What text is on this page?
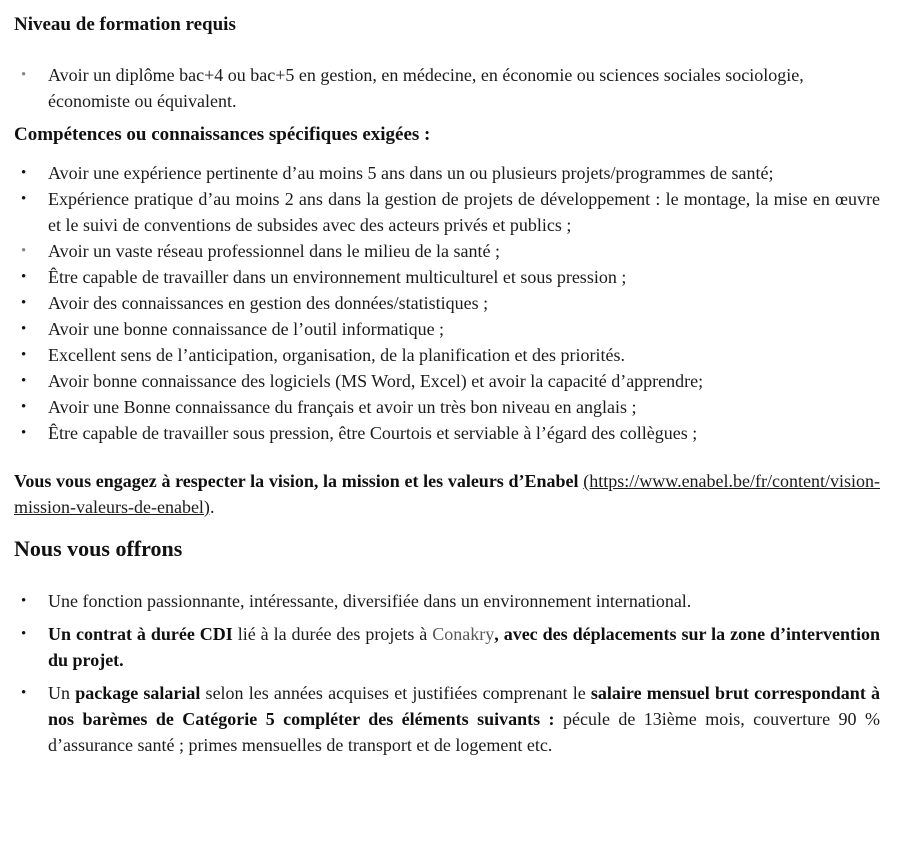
Niveau de formation requis
• Avoir un diplôme bac+4 ou bac+5 en gestion, en médecine, en économie ou sciences sociales sociologie, économiste ou équivalent.
Compétences ou connaissances spécifiques exigées :
• Avoir une expérience pertinente d’au moins 5 ans dans un ou plusieurs projets/programmes de santé;
• Expérience pratique d’au moins 2 ans dans la gestion de projets de développement : le montage, la mise en œuvre et le suivi de conventions de subsides avec des acteurs privés et publics ;
• Avoir un vaste réseau professionnel dans le milieu de la santé ;
• Être capable de travailler dans un environnement multiculturel et sous pression ;
• Avoir des connaissances en gestion des données/statistiques ;
• Avoir une bonne connaissance de l’outil informatique ;
• Excellent sens de l’anticipation, organisation, de la planification et des priorités.
• Avoir bonne connaissance des logiciels (MS Word, Excel) et avoir la capacité d’apprendre;
• Avoir une Bonne connaissance du français et avoir un très bon niveau en anglais ;
• Être capable de travailler sous pression, être Courtois et serviable à l’égard des collègues ;

Vous vous engagez à respecter la vision, la mission et les valeurs d’Enabel (https://www.enabel.be/fr/content/vision-mission-valeurs-de-enabel).

Nous vous offrons
• Une fonction passionnante, intéressante, diversifiée dans un environnement international.
• Un contrat à durée CDI lié à la durée des projets à Conakry, avec des déplacements sur la zone d’intervention du projet.
• Un package salarial selon les années acquises et justifiées comprenant le salaire mensuel brut correspondant à nos barèmes de Catégorie 5 compléter des éléments suivants : pécule de 13ième mois, couverture 90 % d’assurance santé ; primes mensuelles de transport et de logement etc.
